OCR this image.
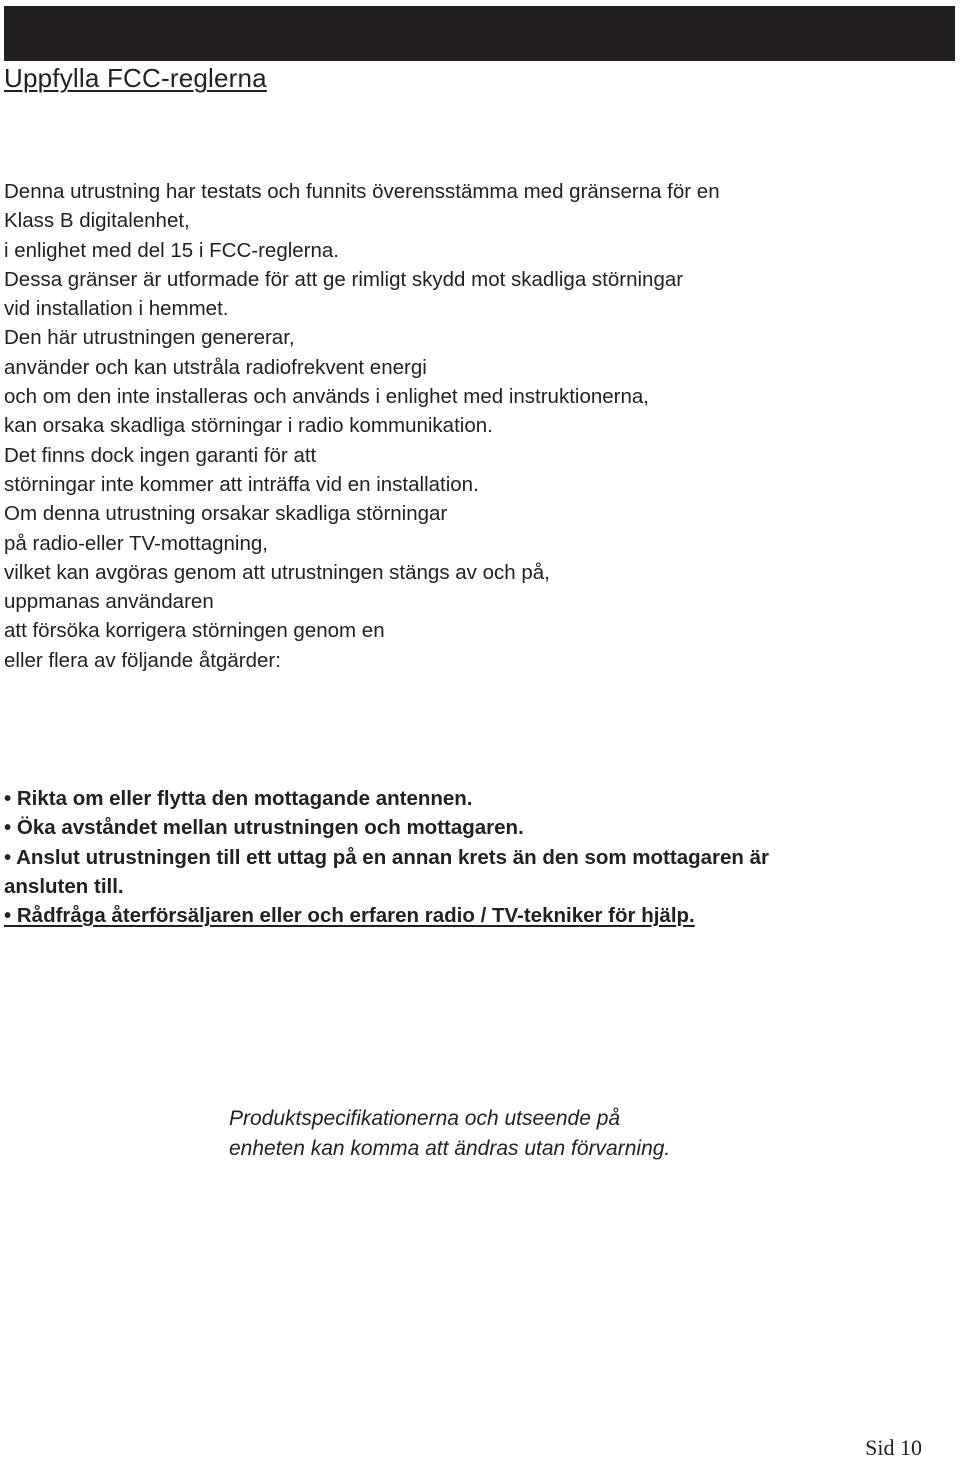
Uppfylla FCC-reglerna
Denna utrustning har testats och funnits överensstämma med gränserna för en
Klass B digitalenhet,
i enlighet med del 15 i FCC-reglerna.
Dessa gränser är utformade för att ge rimligt skydd mot skadliga störningar
vid installation i hemmet.
Den här utrustningen genererar,
använder och kan utstråla radiofrekvent energi
och om den inte installeras och används i enlighet med instruktionerna,
kan orsaka skadliga störningar i radio kommunikation.
Det finns dock ingen garanti för att
störningar inte kommer att inträffa vid en installation.
Om denna utrustning orsakar skadliga störningar
på radio-eller TV-mottagning,
vilket kan avgöras genom att utrustningen stängs av och på,
uppmanas användaren
att försöka korrigera störningen genom en
eller flera av följande åtgärder:
• Rikta om eller flytta den mottagande antennen.
• Öka avståndet mellan utrustningen och mottagaren.
• Anslut utrustningen till ett uttag på en annan krets än den som mottagaren är
ansluten till.
• Rådfråga återförsäljaren eller och erfaren radio / TV-tekniker för hjälp.
Produktspecifikationerna och utseende på
enheten kan komma att ändras utan förvarning.
Sid 10
